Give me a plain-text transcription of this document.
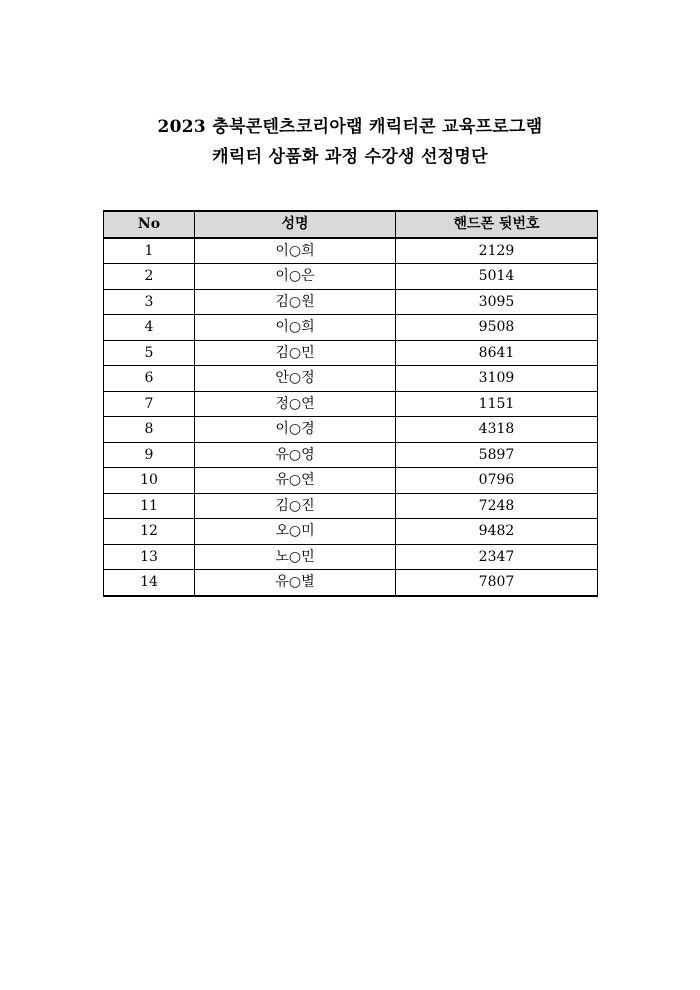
2023 충북콘텐츠코리아랩 캐릭터콘 교육프로그램
캐릭터 상품화 과정 수강생 선정명단
No	성명	핸드폰 뒷번호
1	이○희	2129
2	이○은	5014
3	김○원	3095
4	이○희	9508
5	김○민	8641
6	안○정	3109
7	정○연	1151
8	이○경	4318
9	유○영	5897
10	유○연	0796
11	김○진	7248
12	오○미	9482
13	노○민	2347
14	유○별	7807
